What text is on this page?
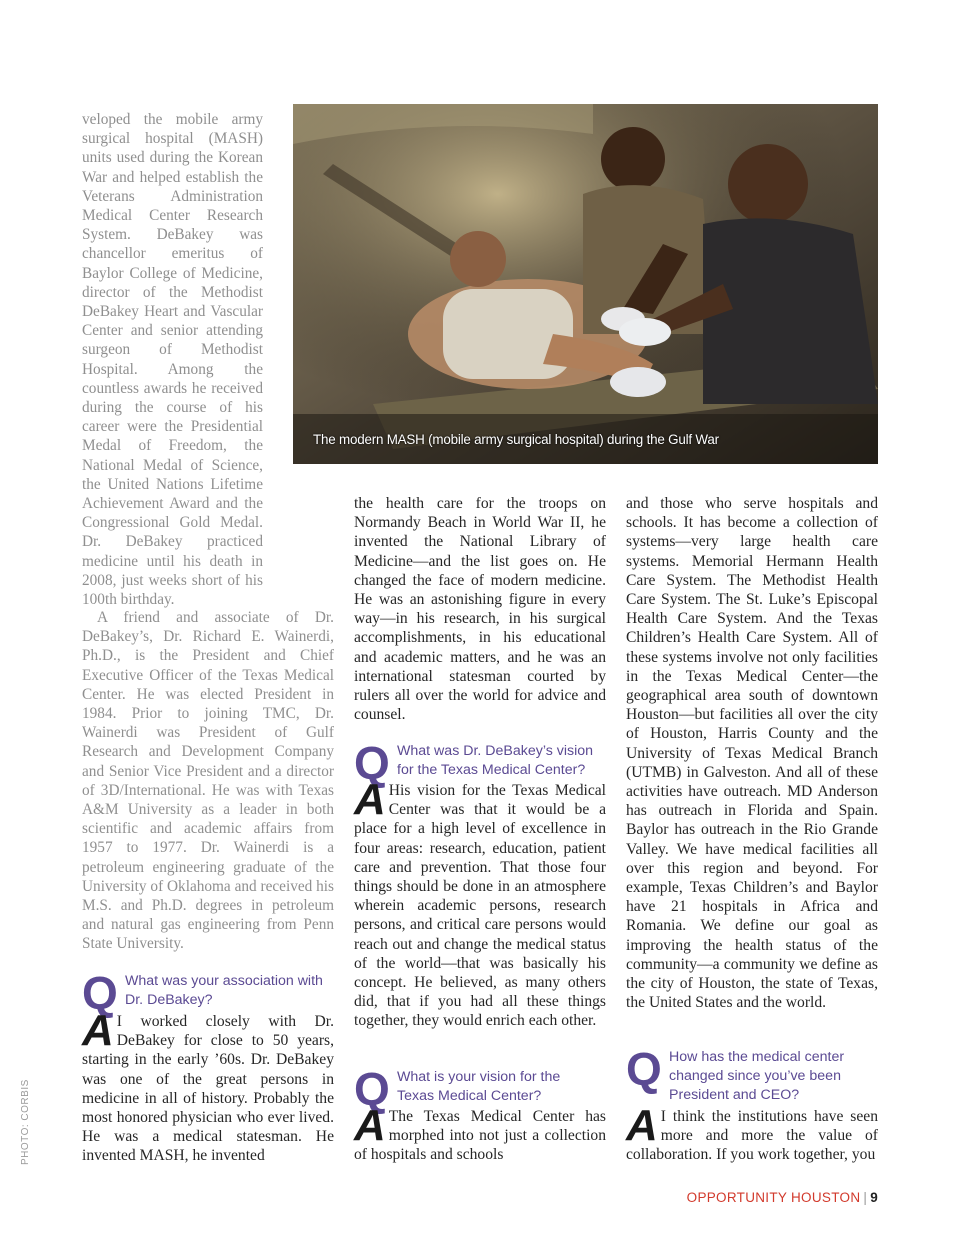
The modern MASH (mobile army surgical hospital) during the Gulf War
PHOTO: CORBIS

veloped the mobile army surgical hospital (MASH) units used during the Korean War and helped establish the Veterans Administration Medical Center Research System. DeBakey was chancellor emeritus of Baylor College of Medicine, director of the Methodist DeBakey Heart and Vascular Center and senior attending surgeon of Methodist Hospital. Among the countless awards he received during the course of his career were the Presidential Medal of Freedom, the National Medal of Science, the United Nations Lifetime Achievement Award and the Congressional Gold Medal. Dr. DeBakey practiced medicine until his death in 2008, just weeks short of his 100th birthday.

A friend and associate of Dr. DeBakey’s, Dr. Richard E. Wainerdi, Ph.D., is the President and Chief Executive Officer of the Texas Medical Center. He was elected President in 1984. Prior to joining TMC, Dr. Wainerdi was President of Gulf Research and Development Company and Senior Vice President and a director of 3D/International. He was with Texas A&M University as a leader in both scientific and academic affairs from 1957 to 1977. Dr. Wainerdi is a petroleum engineering graduate of the University of Oklahoma and received his M.S. and Ph.D. degrees in petroleum and natural gas engineering from Penn State University.

Q What was your association with Dr. DeBakey?

A I worked closely with Dr. DeBakey for close to 50 years, starting in the early ’60s. Dr. DeBakey was one of the great persons in medicine in all of history. Probably the most honored physician who ever lived. He was a medical statesman. He invented MASH, he invented

the health care for the troops on Normandy Beach in World War II, he invented the National Library of Medicine—and the list goes on. He changed the face of modern medicine. He was an astonishing figure in every way—in his research, in his surgical accomplishments, in his educational and academic matters, and he was an international statesman courted by rulers all over the world for advice and counsel.

Q What was Dr. DeBakey’s vision for the Texas Medical Center?

A His vision for the Texas Medical Center was that it would be a place for a high level of excellence in four areas: research, education, patient care and prevention. That those four things should be done in an atmosphere wherein academic persons, research persons, and critical care persons would reach out and change the medical status of the world—that was basically his concept. He believed, as many others did, that if you had all these things together, they would enrich each other.

Q What is your vision for the Texas Medical Center?

A The Texas Medical Center has morphed into not just a collection of hospitals and schools

and those who serve hospitals and schools. It has become a collection of systems—very large health care systems. Memorial Hermann Health Care System. The Methodist Health Care System. The St. Luke’s Episcopal Health Care System. And the Texas Children’s Health Care System. All of these systems involve not only facilities in the Texas Medical Center—the geographical area south of downtown Houston—but facilities all over the city of Houston, Harris County and the University of Texas Medical Branch (UTMB) in Galveston. And all of these activities have outreach. MD Anderson has outreach in Florida and Spain. Baylor has outreach in the Rio Grande Valley. We have medical facilities all over this region and beyond. For example, Texas Children’s and Baylor have 21 hospitals in Africa and Romania. We define our goal as improving the health status of the community—a community we define as the city of Houston, the state of Texas, the United States and the world.

Q How has the medical center changed since you’ve been President and CEO?

A I think the institutions have seen more and more the value of collaboration. If you work together, you

OPPORTUNITY HOUSTON | 9
